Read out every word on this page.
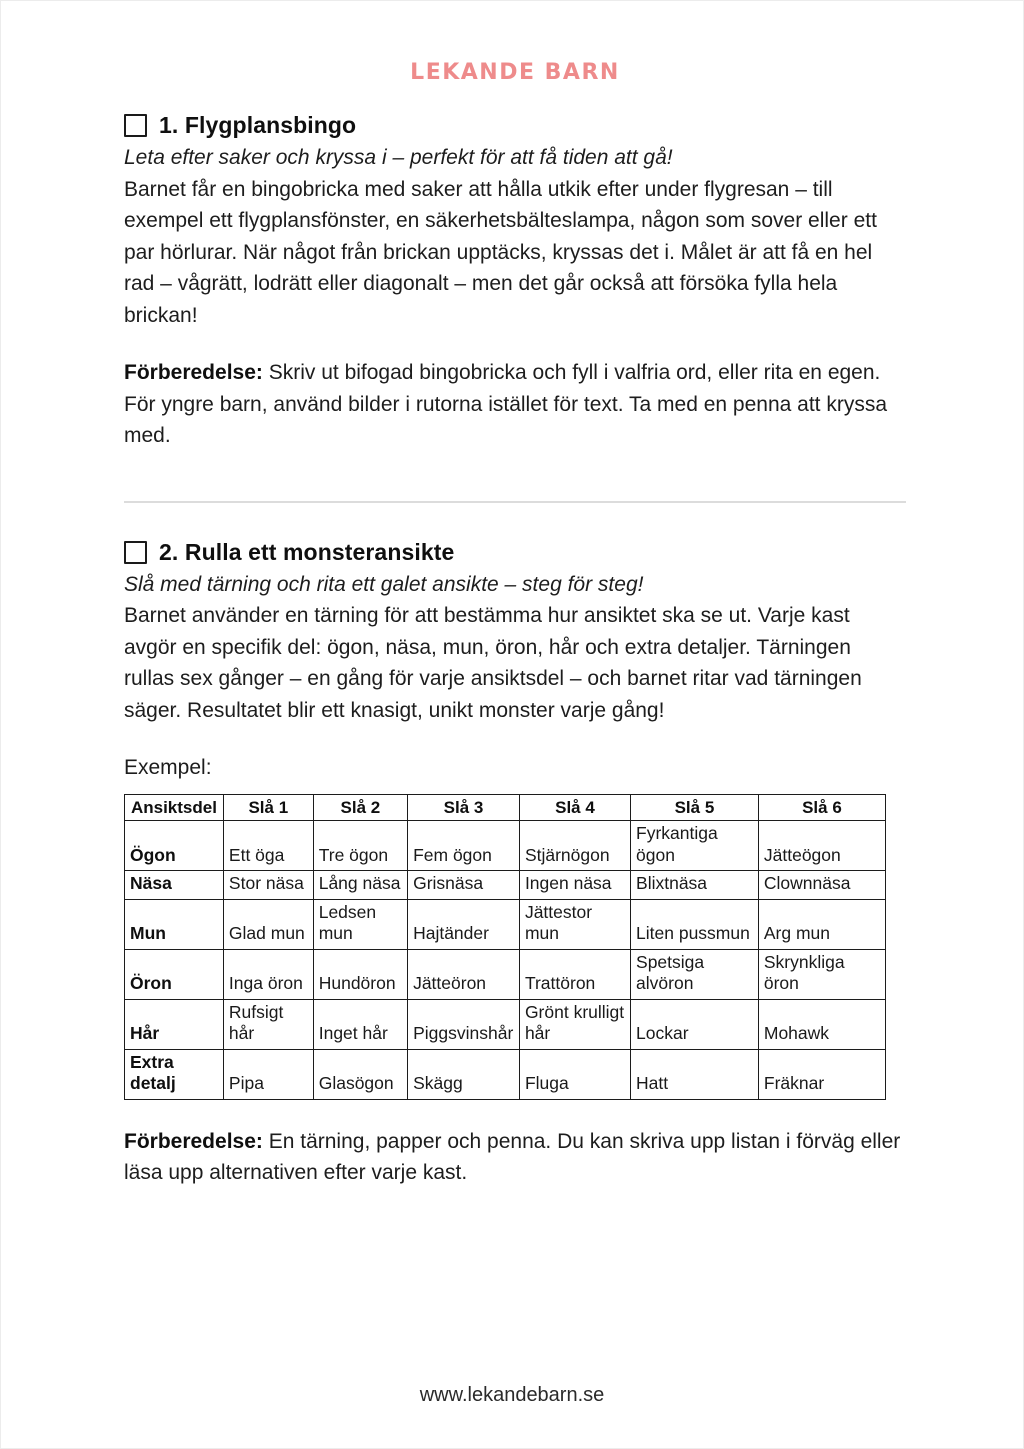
LEKANDE BARN
1. Flygplansbingo

Leta efter saker och kryssa i – perfekt för att få tiden att gå!

Barnet får en bingobricka med saker att hålla utkik efter under flygresan – till exempel ett flygplansfönster, en säkerhetsbälteslampa, någon som sover eller ett par hörlurar. När något från brickan upptäcks, kryssas det i. Målet är att få en hel rad – vågrätt, lodrätt eller diagonalt – men det går också att försöka fylla hela brickan!

Förberedelse: Skriv ut bifogad bingobricka och fyll i valfria ord, eller rita en egen. För yngre barn, använd bilder i rutorna istället för text. Ta med en penna att kryssa med.

2. Rulla ett monsteransikte

Slå med tärning och rita ett galet ansikte – steg för steg!

Barnet använder en tärning för att bestämma hur ansiktet ska se ut. Varje kast avgör en specifik del: ögon, näsa, mun, öron, hår och extra detaljer. Tärningen rullas sex gånger – en gång för varje ansiktsdel – och barnet ritar vad tärningen säger. Resultatet blir ett knasigt, unikt monster varje gång!

Exempel:

Ansiktsdel	Slå 1	Slå 2	Slå 3	Slå 4	Slå 5	Slå 6
Ögon	Ett öga	Tre ögon	Fem ögon	Stjärnögon	Fyrkantiga ögon	Jätteögon
Näsa	Stor näsa	Lång näsa	Grisnäsa	Ingen näsa	Blixtnäsa	Clownnäsa
Mun	Glad mun	Ledsen mun	Hajtänder	Jättestor mun	Liten pussmun	Arg mun
Öron	Inga öron	Hundöron	Jätteöron	Trattöron	Spetsiga alvöron	Skrynkliga öron
Hår	Rufsigt hår	Inget hår	Piggsvinshår	Grönt krulligt hår	Lockar	Mohawk
Extra detalj	Pipa	Glasögon	Skägg	Fluga	Hatt	Fräknar

Förberedelse: En tärning, papper och penna. Du kan skriva upp listan i förväg eller läsa upp alternativen efter varje kast.

www.lekandebarn.se
